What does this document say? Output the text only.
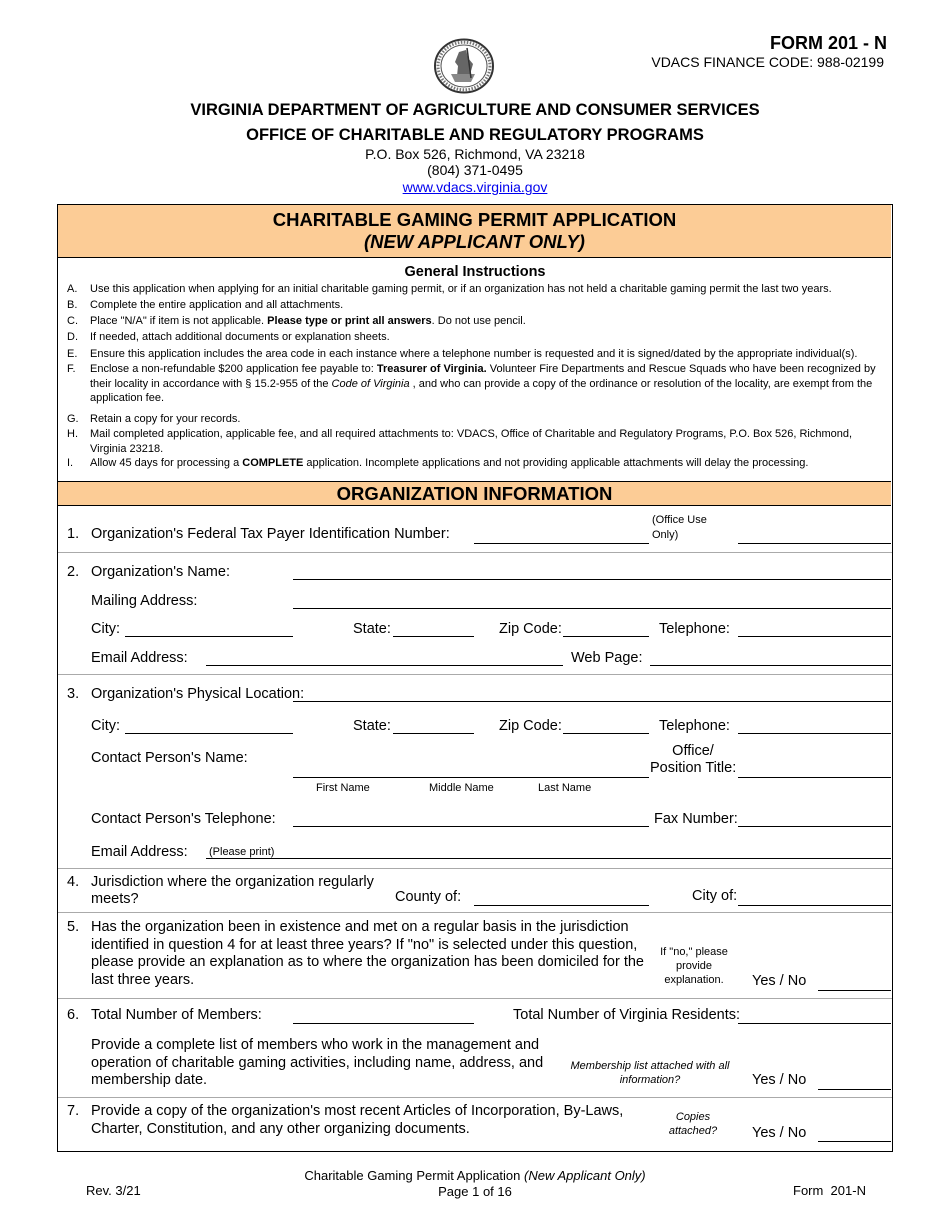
FORM 201 - N
VDACS FINANCE CODE: 988-02199
VIRGINIA DEPARTMENT OF AGRICULTURE AND CONSUMER SERVICES
OFFICE OF CHARITABLE AND REGULATORY PROGRAMS
P.O. Box 526, Richmond, VA 23218
(804) 371-0495
www.vdacs.virginia.gov
CHARITABLE GAMING PERMIT APPLICATION
(NEW APPLICANT ONLY)
ORGANIZATION INFORMATION
General Instructions
A. Use this application when applying for an initial charitable gaming permit, or if an organization has not held a charitable gaming permit the last two years.
B. Complete the entire application and all attachments.
C. Place "N/A" if item is not applicable. Please type or print all answers. Do not use pencil.
D. If needed, attach additional documents or explanation sheets.
E. Ensure this application includes the area code in each instance where a telephone number is requested and it is signed/dated by the appropriate individual(s).
F. Enclose a non-refundable $200 application fee payable to: Treasurer of Virginia. Volunteer Fire Departments and Rescue Squads who have been recognized by their locality in accordance with § 15.2-955 of the Code of Virginia , and who can provide a copy of the ordinance or resolution of the locality, are exempt from the application fee.
G. Retain a copy for your records.
H. Mail completed application, applicable fee, and all required attachments to: VDACS, Office of Charitable and Regulatory Programs, P.O. Box 526, Richmond, Virginia 23218.
I. Allow 45 days for processing a COMPLETE application. Incomplete applications and not providing applicable attachments will delay the processing.
1. Organization's Federal Tax Payer Identification Number:
(Office Use Only)
2. Organization's Name:
Mailing Address:
City:	State:	Zip Code:	Telephone:
Email Address:	Web Page:
3. Organization's Physical Location:
City:	State:	Zip Code:	Telephone:
Contact Person's Name:	Office/
Position Title:
First Name	Middle Name	Last Name
Contact Person's Telephone:	Fax Number:
Email Address: (Please print)
4. Jurisdiction where the organization regularly
meets?	County of:	City of:
5. Has the organization been in existence and met on a regular basis in the jurisdiction
identified in question 4 for at least three years? If "no" is selected under this question,
please provide an explanation as to where the organization has been domiciled for the
last three years.
If "no," please
provide
explanation.	Yes / No
6. Total Number of Members:	Total Number of Virginia Residents:
Provide a complete list of members who work in the management and
operation of charitable gaming activities, including name, address, and
membership date.
Membership list attached with all
information?	Yes / No
7. Provide a copy of the organization's most recent Articles of Incorporation, By-Laws,
Charter, Constitution, and any other organizing documents.
Copies
attached?	Yes / No
Charitable Gaming Permit Application (New Applicant Only)
Page 1 of 16
Rev. 3/21	Form  201-N
